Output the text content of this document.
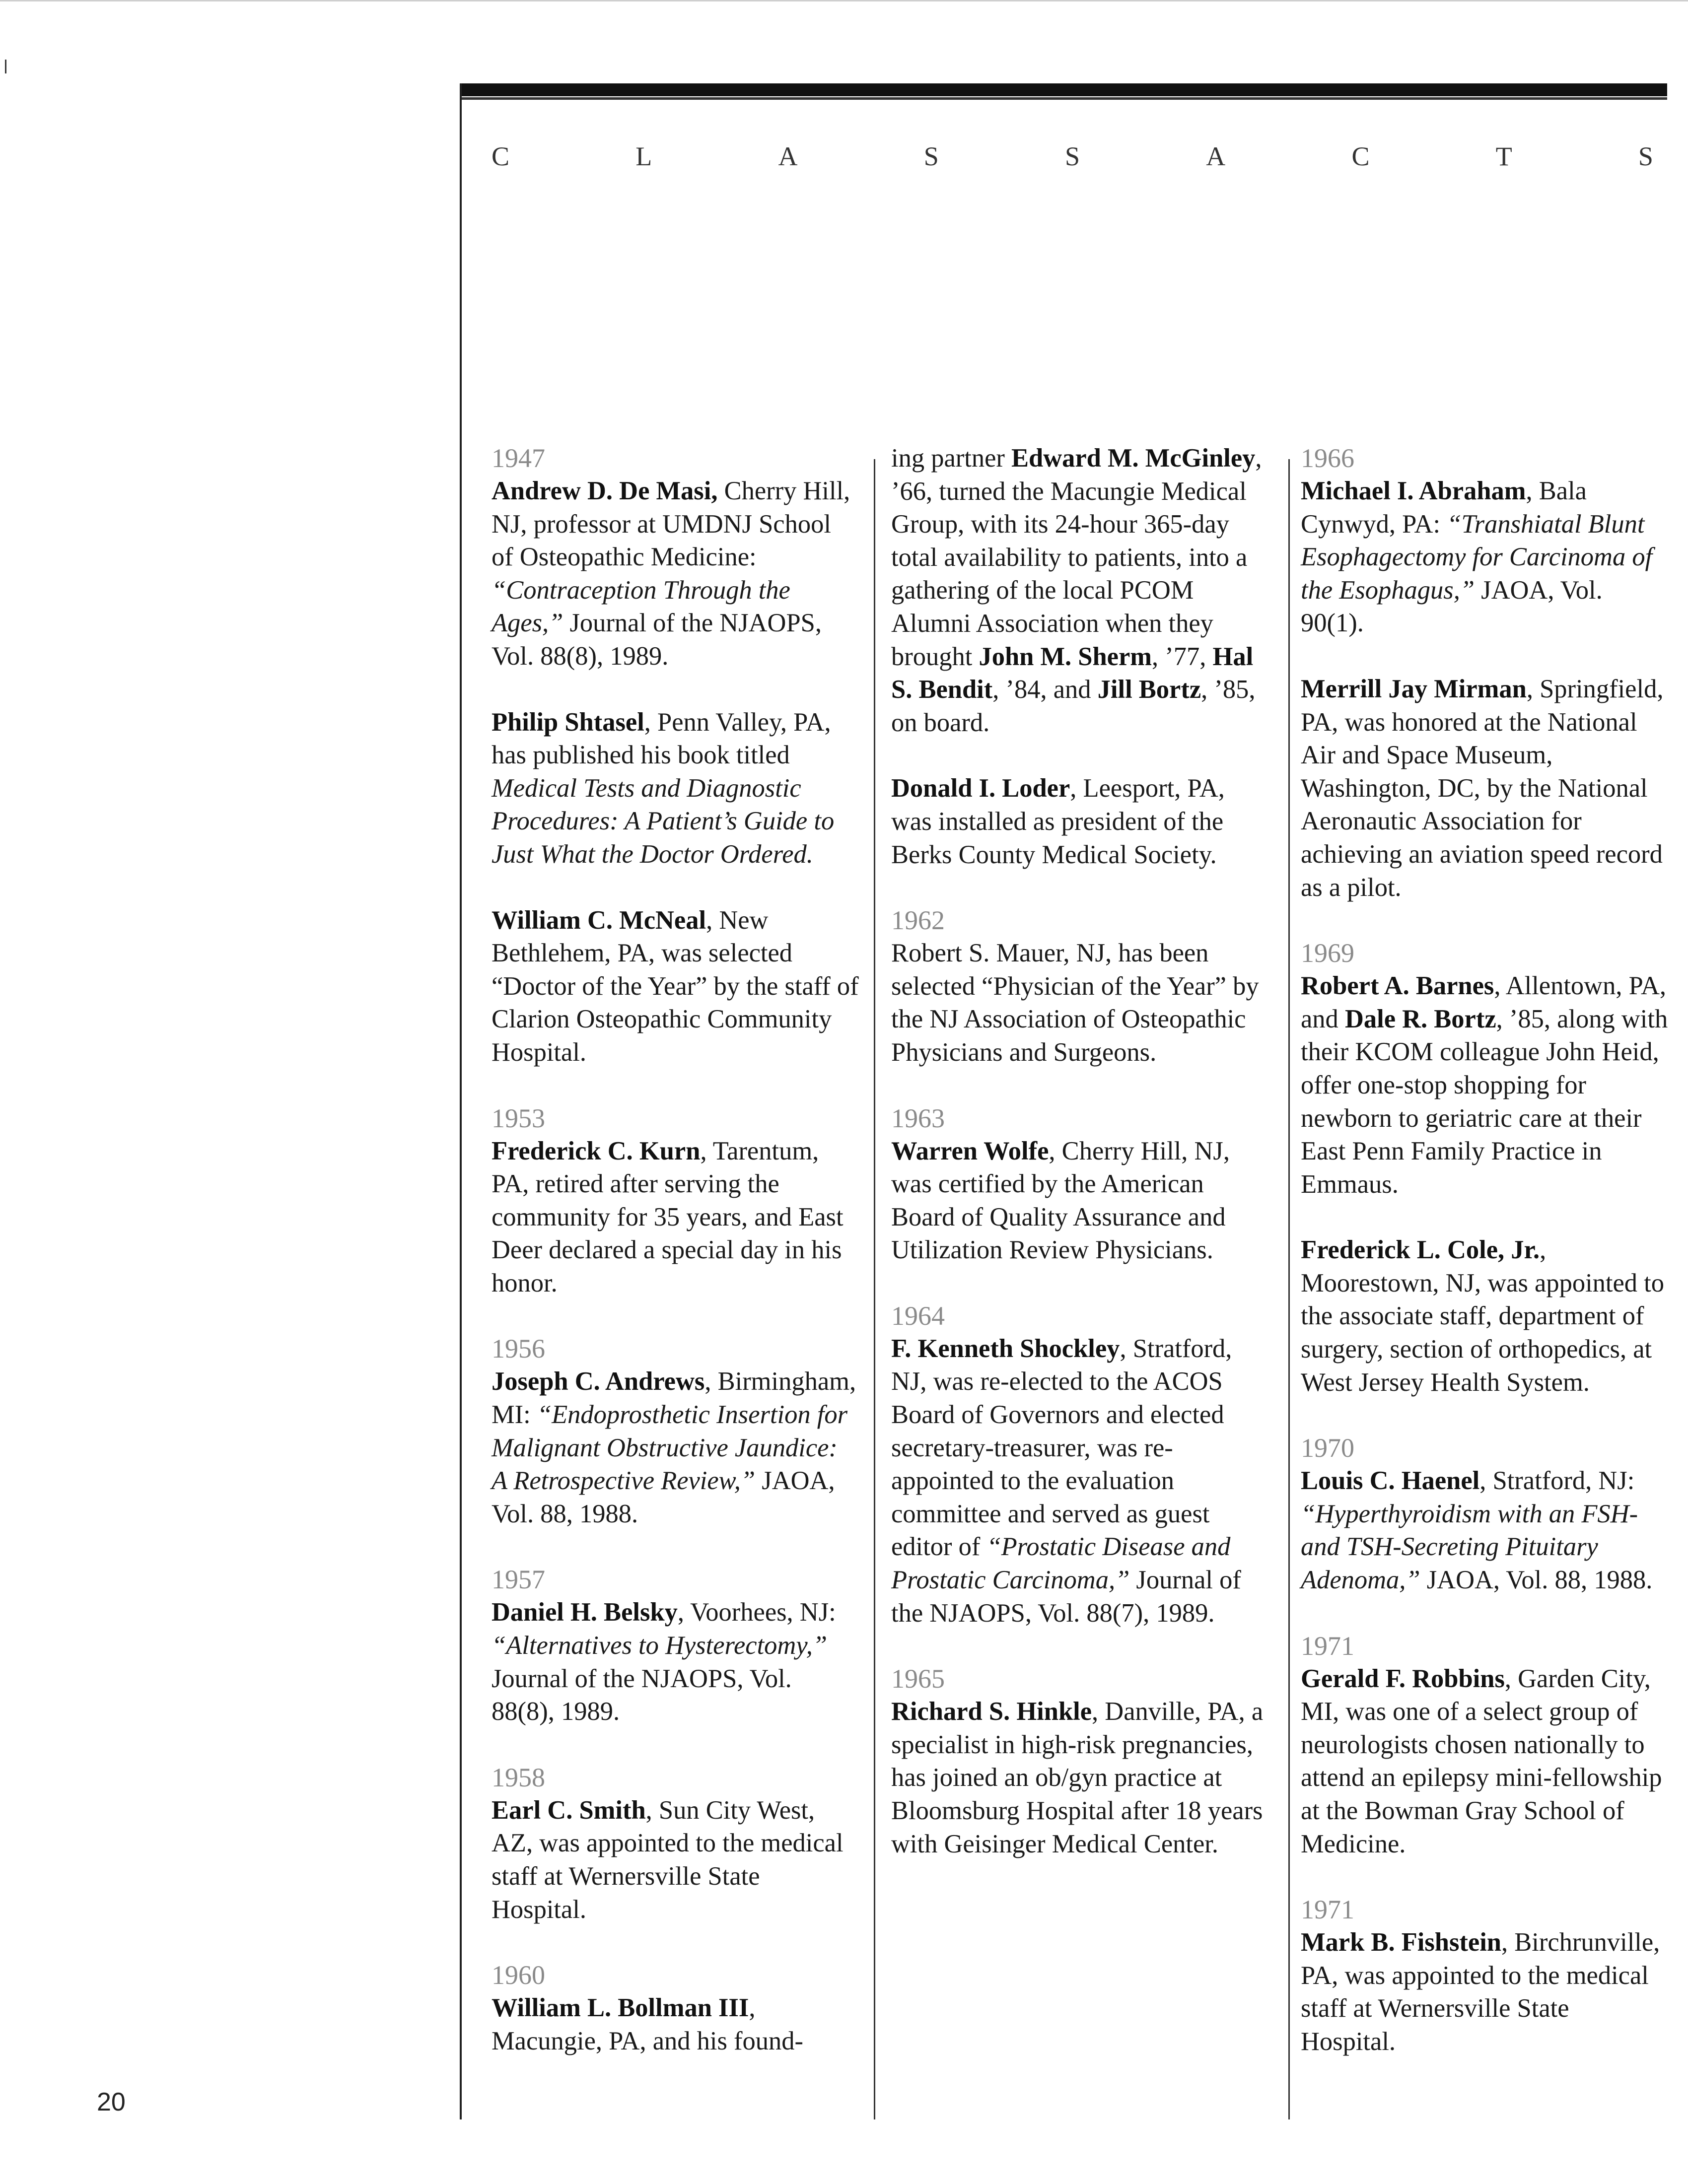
C	L	A	S	S	A	C	T	S
1947

Andrew D. De Masi, Cherry Hill, NJ, professor at UMDNJ School of Osteopathic Medicine: “Contraception Through the Ages,” Journal of the NJAOPS, Vol. 88(8), 1989.

Philip Shtasel, Penn Valley, PA, has published his book titled Medical Tests and Diagnostic Procedures: A Patient’s Guide to Just What the Doctor Ordered.

William C. McNeal, New Bethlehem, PA, was selected “Doctor of the Year” by the staff of Clarion Osteopathic Community Hospital.

1953

Frederick C. Kurn, Tarentum, PA, retired after serving the community for 35 years, and East Deer declared a special day in his honor.

1956

Joseph C. Andrews, Birmingham, MI: “Endoprosthetic Insertion for Malignant Obstructive Jaundice: A Retrospective Review,” JAOA, Vol. 88, 1988.

1957

Daniel H. Belsky, Voorhees, NJ: “Alternatives to Hysterectomy,” Journal of the NJAOPS, Vol. 88(8), 1989.

1958

Earl C. Smith, Sun City West, AZ, was appointed to the medical staff at Wernersville State Hospital.

1960

William L. Bollman III, Macungie, PA, and his found-

ing partner Edward M. McGinley, ’66, turned the Macungie Medical Group, with its 24-hour 365-day total availability to patients, into a gathering of the local PCOM Alumni Association when they brought John M. Sherm, ’77, Hal S. Bendit, ’84, and Jill Bortz, ’85, on board.

Donald I. Loder, Leesport, PA, was installed as president of the Berks County Medical Society.

1962

Robert S. Mauer, NJ, has been selected “Physician of the Year” by the NJ Association of Osteopathic Physicians and Surgeons.

1963

Warren Wolfe, Cherry Hill, NJ, was certified by the American Board of Quality Assurance and Utilization Review Physicians.

1964

F. Kenneth Shockley, Stratford, NJ, was re-elected to the ACOS Board of Governors and elected secretary-treasurer, was re-appointed to the evaluation committee and served as guest editor of “Prostatic Disease and Prostatic Carcinoma,” Journal of the NJAOPS, Vol. 88(7), 1989.

1965

Richard S. Hinkle, Danville, PA, a specialist in high-risk pregnancies, has joined an ob/gyn practice at Bloomsburg Hospital after 18 years with Geisinger Medical Center.

1966

Michael I. Abraham, Bala Cynwyd, PA: “Transhiatal Blunt Esophagectomy for Carcinoma of the Esophagus,” JAOA, Vol. 90(1).

Merrill Jay Mirman, Springfield, PA, was honored at the National Air and Space Museum, Washington, DC, by the National Aeronautic Association for achieving an aviation speed record as a pilot.

1969

Robert A. Barnes, Allentown, PA, and Dale R. Bortz, ’85, along with their KCOM colleague John Heid, offer one-stop shopping for newborn to geriatric care at their East Penn Family Practice in Emmaus.

Frederick L. Cole, Jr., Moorestown, NJ, was appointed to the associate staff, department of surgery, section of orthopedics, at West Jersey Health System.

1970

Louis C. Haenel, Stratford, NJ: “Hyperthyroidism with an FSH- and TSH-Secreting Pituitary Adenoma,” JAOA, Vol. 88, 1988.

1971

Gerald F. Robbins, Garden City, MI, was one of a select group of neurologists chosen nationally to attend an epilepsy mini-fellowship at the Bowman Gray School of Medicine.

1971

Mark B. Fishstein, Birchrunville, PA, was appointed to the medical staff at Wernersville State Hospital.

20
